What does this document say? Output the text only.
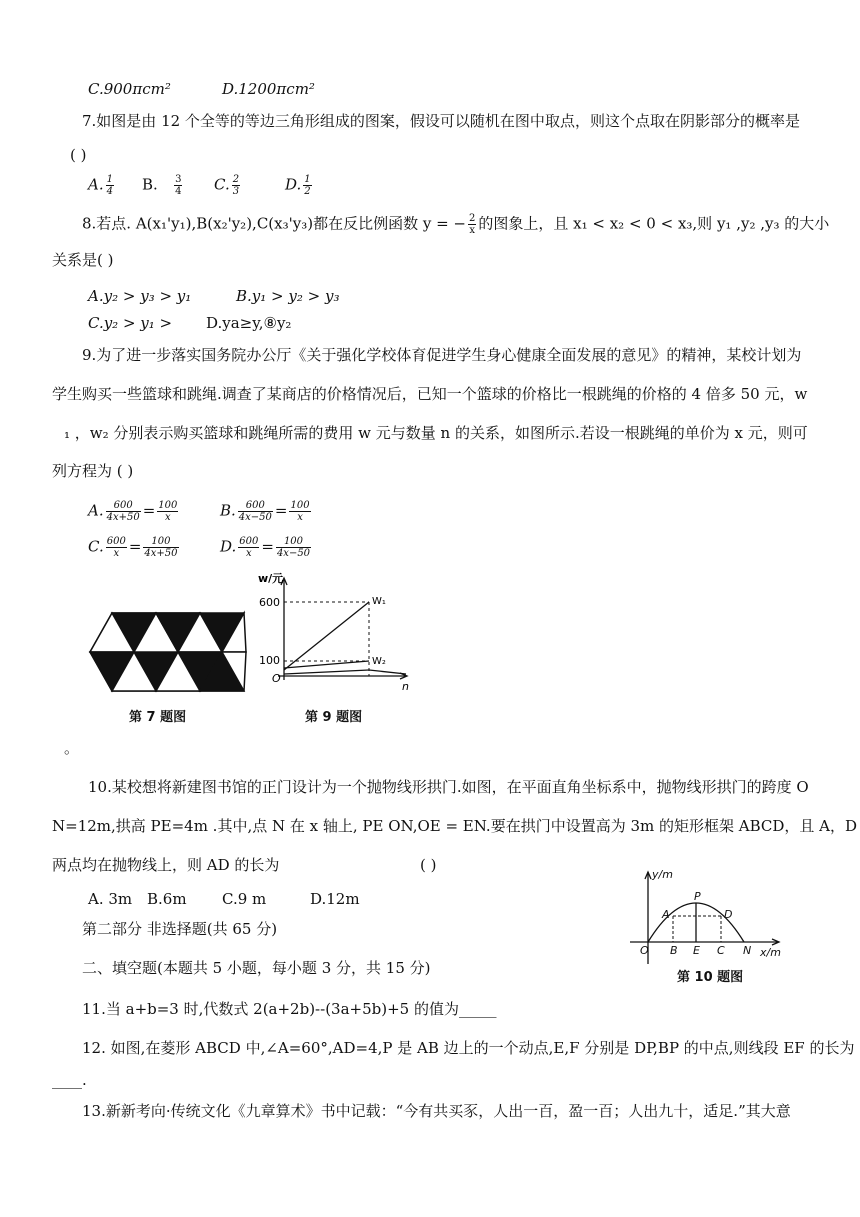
C.900πcm²	D.1200πcm²
7.如图是由 12 个全等的等边三角形组成的图案，假设可以随机在图中取点，则这个点取在阴影部分的概率是
( )
A. $\frac{1}{4} B$. $\frac{3}{4} C$. $\frac{2}{3}$	D. $\frac{1}{2}$
8.若点. A(x₁'y₁),B(x₂'y₂),C(x₃'y₃)都在反比例函数 y = − $\frac{2}{x}$ 的图象上，且 x₁ < x₂ < 0 < x₃,则 y₁ ,y₂ ,y₃ 的大小
关系是( )
A.y₂ > y₃ > y₁	B.y₁ > y₂ > y₃
C.y₂ > y₁ > D.ya≥y,⑧y₂
9.为了进一步落实国务院办公厅《关于强化学校体育促进学生身心健康全面发展的意见》的精神，某校计划为
学生购买一些篮球和跳绳.调查了某商店的价格情况后，已知一个篮球的价格比一根跳绳的价格的 4 倍多 50 元，w
₁ ，w₂ 分别表示购买篮球和跳绳所需的费用 w 元与数量 n 的关系，如图所示.若设一根跳绳的单价为 x 元，则可
列方程为 ( )
A. $\frac{600}{4x+50} = \frac{100}{x}$	B. $\frac{600}{4x-50} = \frac{100}{x}$
C. $\frac{600}{x} = \frac{100}{4x+50}$	D. $\frac{600}{x} = \frac{100}{4x-50}$
第 7 题图
w/元
600
100
O
W₁
W₂
n
第 9 题图
。
10.某校想将新建图书馆的正门设计为一个抛物线形拱门.如图，在平面直角坐标系中，抛物线形拱门的跨度 O
N=12m,拱高 PE=4m .其中,点 N 在 x 轴上, PE ON,OE = EN.要在拱门中设置高为 3m 的矩形框架 ABCD，且 A，D
两点均在抛物线上，则 AD 的长为	( )
A. 3m B.6m C.9 m	D.12m
y/m
O
A
B
P
E
D
C N x/m
第 10 题图
第二部分 非选择题(共 65 分)
二、填空题(本题共 5 小题，每小题 3 分，共 15 分)
11.当 a+b=3 时,代数式 2(a+2b)--(3a+5b)+5 的值为_____
12. 如图,在菱形 ABCD 中,∠A=60°,AD=4,P 是 AB 边上的一个动点,E,F 分别是 DP,BP 的中点,则线段 EF 的长为
____.
13.新新考向·传统文化《九章算术》书中记载：“今有共买豕，人出一百，盈一百；人出九十，适足.”其大意
